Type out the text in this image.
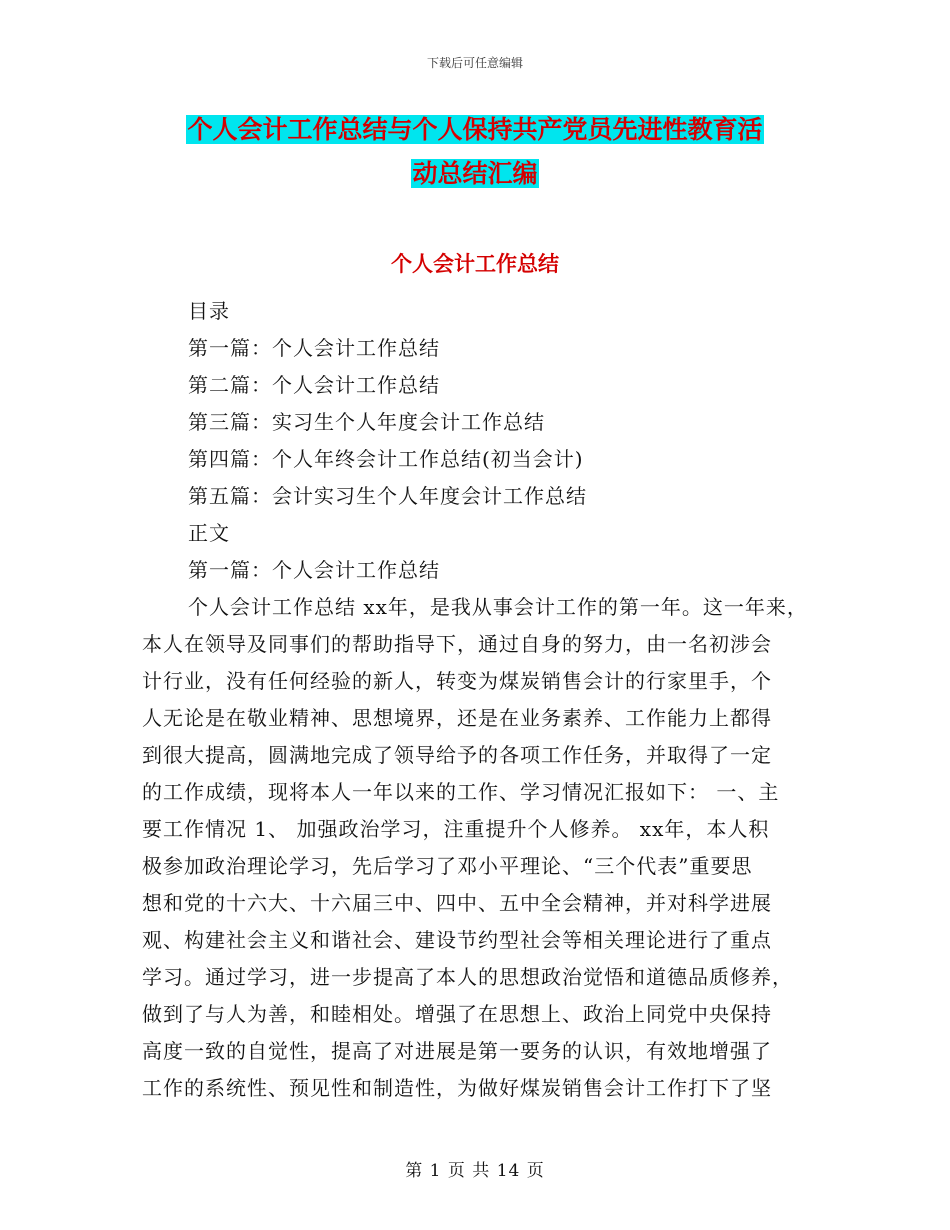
下载后可任意编辑
个人会计工作总结与个人保持共产党员先进性教育活
动总结汇编
个人会计工作总结
目录
第一篇：个人会计工作总结
第二篇：个人会计工作总结
第三篇：实习生个人年度会计工作总结
第四篇：个人年终会计工作总结(初当会计)
第五篇：会计实习生个人年度会计工作总结
正文
第一篇：个人会计工作总结
个人会计工作总结 xx年，是我从事会计工作的第一年。这一年来，
本人在领导及同事们的帮助指导下，通过自身的努力，由一名初涉会
计行业，没有任何经验的新人，转变为煤炭销售会计的行家里手，个
人无论是在敬业精神、思想境界，还是在业务素养、工作能力上都得
到很大提高，圆满地完成了领导给予的各项工作任务，并取得了一定
的工作成绩，现将本人一年以来的工作、学习情况汇报如下： 一、主
要工作情况 1、 加强政治学习，注重提升个人修养。 xx年，本人积
极参加政治理论学习，先后学习了邓小平理论、“三个代表”重要思
想和党的十六大、十六届三中、四中、五中全会精神，并对科学进展
观、构建社会主义和谐社会、建设节约型社会等相关理论进行了重点
学习。通过学习，进一步提高了本人的思想政治觉悟和道德品质修养，
做到了与人为善，和睦相处。增强了在思想上、政治上同党中央保持
高度一致的自觉性，提高了对进展是第一要务的认识，有效地增强了
工作的系统性、预见性和制造性，为做好煤炭销售会计工作打下了坚
第 1 页 共 14 页
